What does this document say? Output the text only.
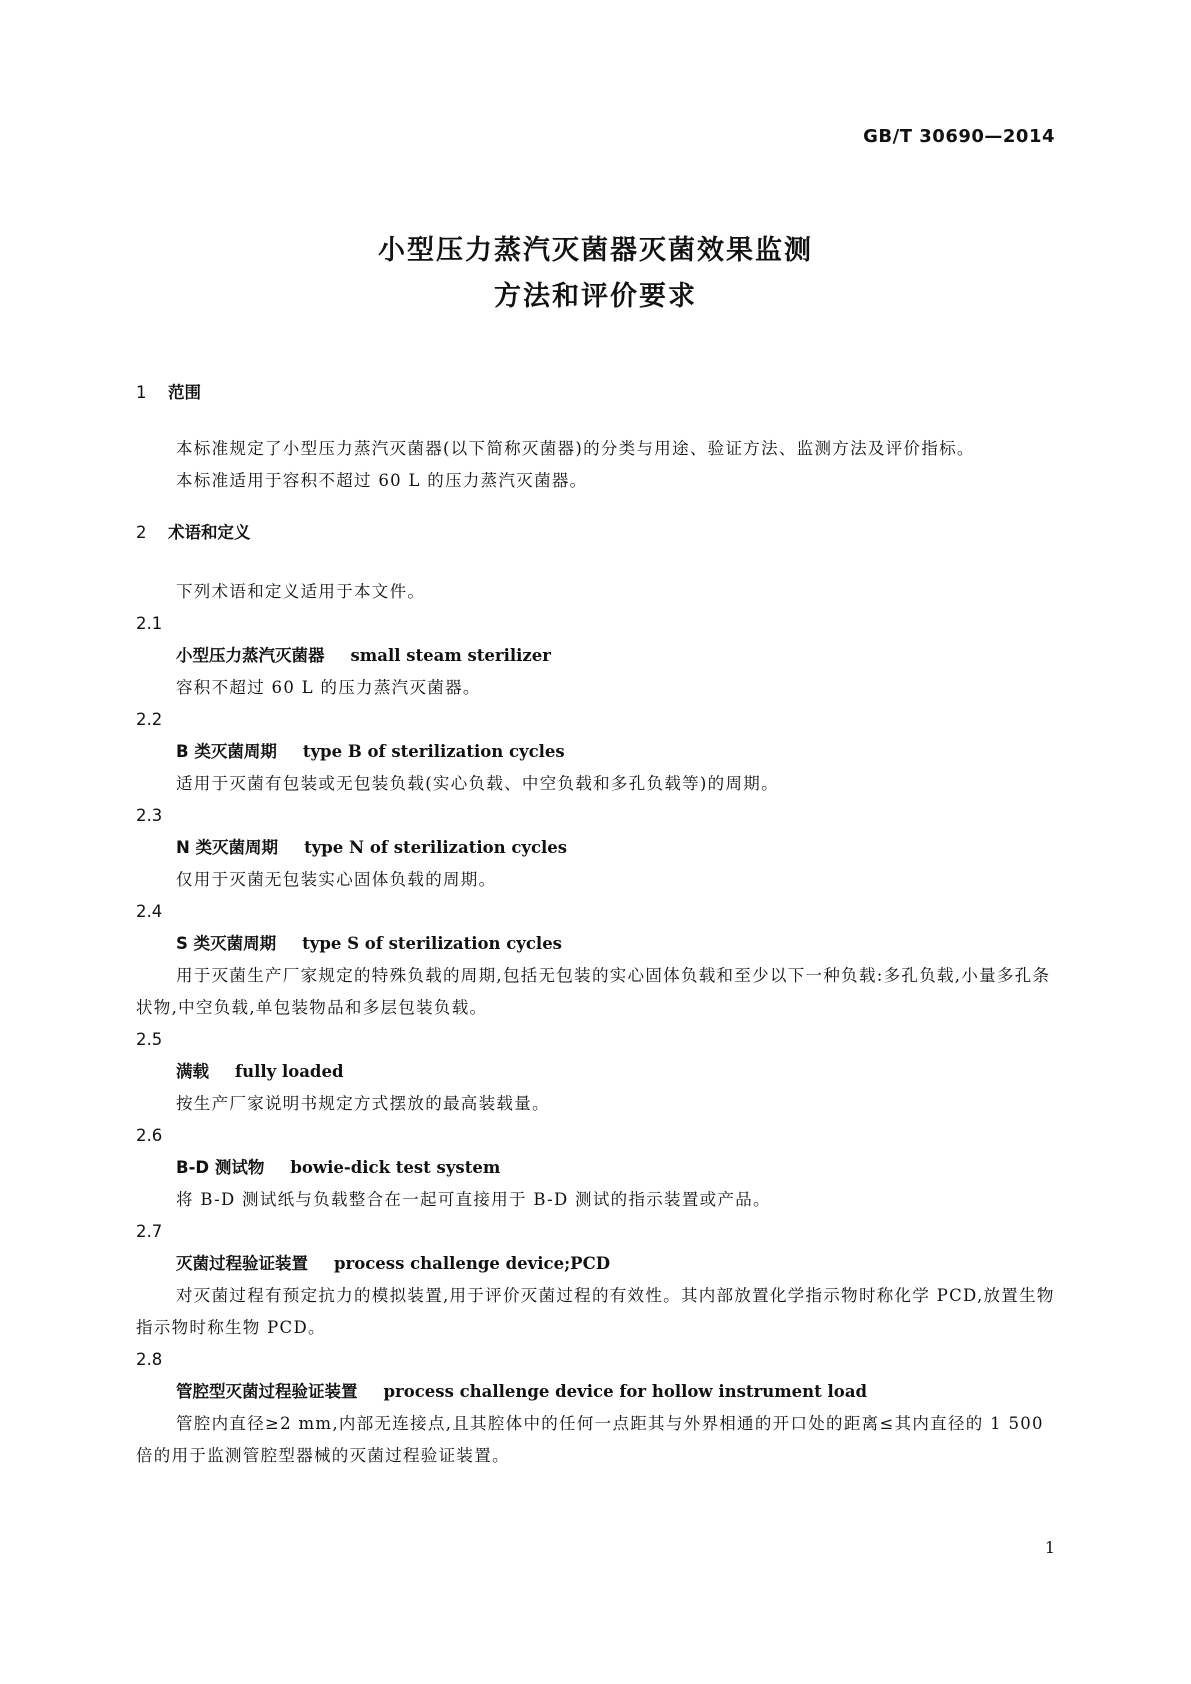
GB/T 30690—2014
小型压力蒸汽灭菌器灭菌效果监测
方法和评价要求
1	范围
本标准规定了小型压力蒸汽灭菌器(以下简称灭菌器)的分类与用途、验证方法、监测方法及评价指标。
本标准适用于容积不超过 60 L 的压力蒸汽灭菌器。
2	术语和定义
下列术语和定义适用于本文件。
2.1
小型压力蒸汽灭菌器 small steam sterilizer
容积不超过 60 L 的压力蒸汽灭菌器。
2.2
B 类灭菌周期 type B of sterilization cycles
适用于灭菌有包装或无包装负载(实心负载、中空负载和多孔负载等)的周期。
2.3
N 类灭菌周期 type N of sterilization cycles
仅用于灭菌无包装实心固体负载的周期。
2.4
S 类灭菌周期 type S of sterilization cycles
用于灭菌生产厂家规定的特殊负载的周期,包括无包装的实心固体负载和至少以下一种负载:多孔负载,小量多孔条状物,中空负载,单包装物品和多层包装负载。
2.5
满载 fully loaded
按生产厂家说明书规定方式摆放的最高装载量。
2.6
B-D 测试物 bowie-dick test system
将 B-D 测试纸与负载整合在一起可直接用于 B-D 测试的指示装置或产品。
2.7
灭菌过程验证装置 process challenge device;PCD
对灭菌过程有预定抗力的模拟装置,用于评价灭菌过程的有效性。其内部放置化学指示物时称化学 PCD,放置生物指示物时称生物 PCD。
2.8
管腔型灭菌过程验证装置 process challenge device for hollow instrument load
管腔内直径≥2 mm,内部无连接点,且其腔体中的任何一点距其与外界相通的开口处的距离≤其内直径的 1 500 倍的用于监测管腔型器械的灭菌过程验证装置。
1
